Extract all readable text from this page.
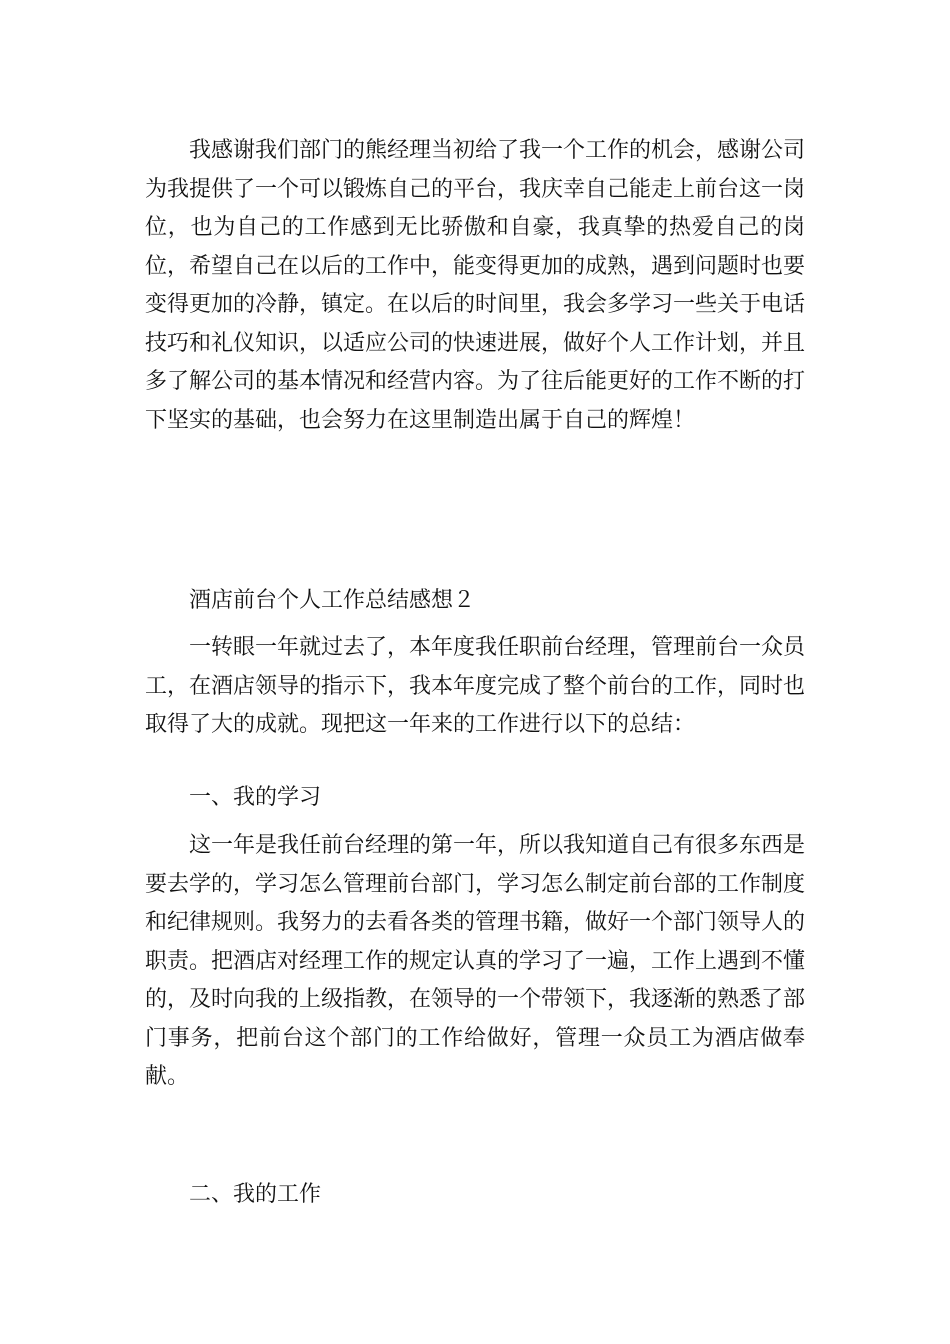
我感谢我们部门的熊经理当初给了我一个工作的机会，感谢公司为我提供了一个可以锻炼自己的平台，我庆幸自己能走上前台这一岗位，也为自己的工作感到无比骄傲和自豪，我真挚的热爱自己的岗位，希望自己在以后的工作中，能变得更加的成熟，遇到问题时也要变得更加的冷静，镇定。在以后的时间里，我会多学习一些关于电话技巧和礼仪知识，以适应公司的快速进展，做好个人工作计划，并且多了解公司的基本情况和经营内容。为了往后能更好的工作不断的打下坚实的基础，也会努力在这里制造出属于自己的辉煌！

酒店前台个人工作总结感想２

一转眼一年就过去了，本年度我任职前台经理，管理前台一众员工，在酒店领导的指示下，我本年度完成了整个前台的工作，同时也取得了大的成就。现把这一年来的工作进行以下的总结：

一、我的学习

这一年是我任前台经理的第一年，所以我知道自己有很多东西是要去学的，学习怎么管理前台部门，学习怎么制定前台部的工作制度和纪律规则。我努力的去看各类的管理书籍，做好一个部门领导人的职责。把酒店对经理工作的规定认真的学习了一遍，工作上遇到不懂的，及时向我的上级指教，在领导的一个带领下，我逐渐的熟悉了部门事务，把前台这个部门的工作给做好，管理一众员工为酒店做奉献。

二、我的工作
